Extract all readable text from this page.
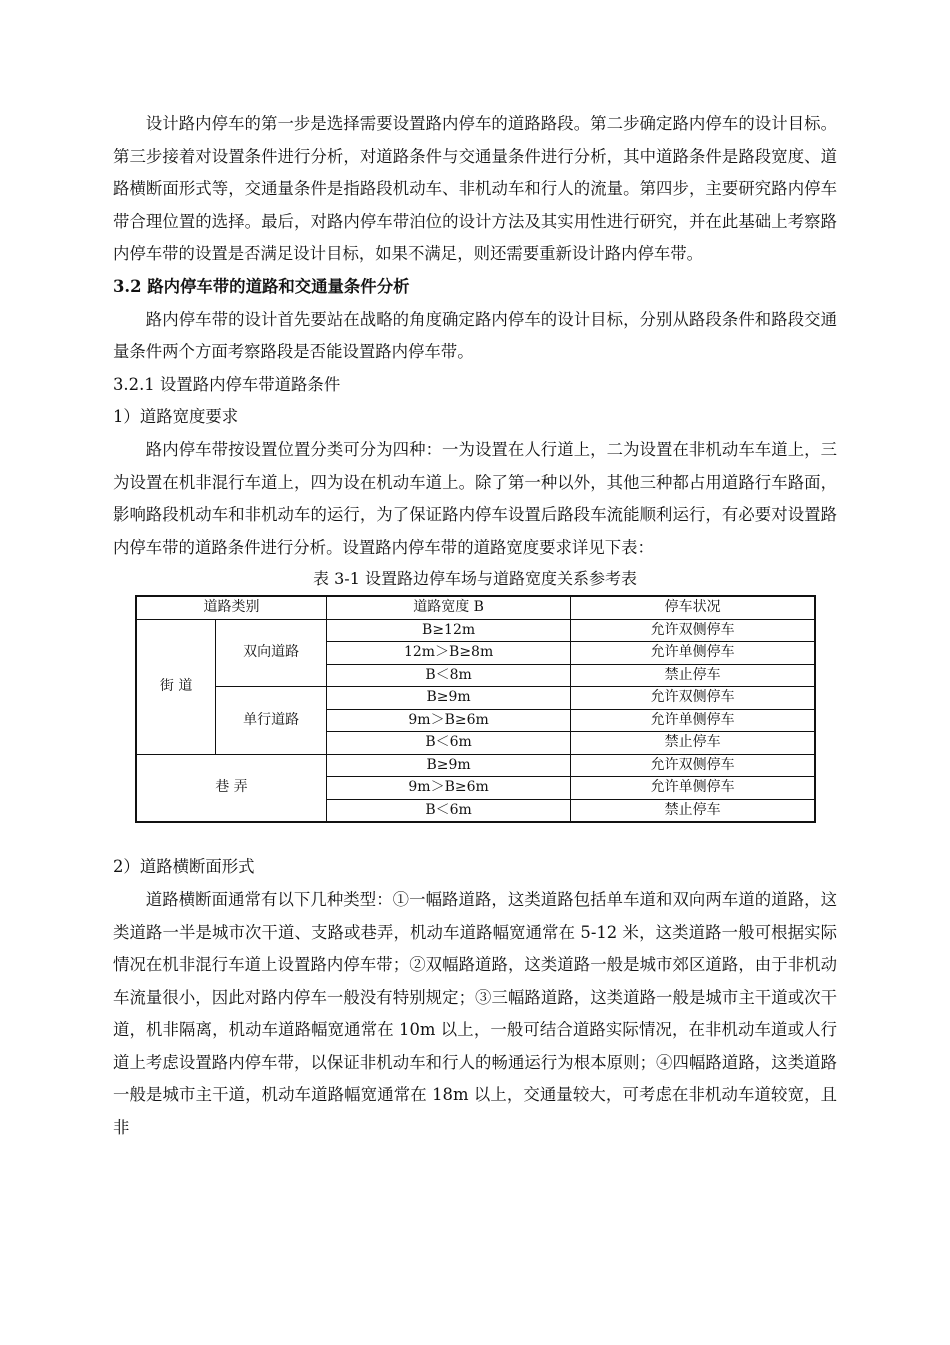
设计路内停车的第一步是选择需要设置路内停车的道路路段。第二步确定路内停车的设计目标。第三步接着对设置条件进行分析，对道路条件与交通量条件进行分析，其中道路条件是路段宽度、道路横断面形式等，交通量条件是指路段机动车、非机动车和行人的流量。第四步，主要研究路内停车带合理位置的选择。最后，对路内停车带泊位的设计方法及其实用性进行研究，并在此基础上考察路内停车带的设置是否满足设计目标，如果不满足，则还需要重新设计路内停车带。

3.2 路内停车带的道路和交通量条件分析

路内停车带的设计首先要站在战略的角度确定路内停车的设计目标，分别从路段条件和路段交通量条件两个方面考察路段是否能设置路内停车带。

3.2.1 设置路内停车带道路条件

1）道路宽度要求

路内停车带按设置位置分类可分为四种：一为设置在人行道上，二为设置在非机动车车道上，三为设置在机非混行车道上，四为设在机动车道上。除了第一种以外，其他三种都占用道路行车路面，影响路段机动车和非机动车的运行，为了保证路内停车设置后路段车流能顺利运行，有必要对设置路内停车带的道路条件进行分析。设置路内停车带的道路宽度要求详见下表：

表 3-1 设置路边停车场与道路宽度关系参考表

道路类别		道路宽度 B	停车状况
街 道	双向道路	B≥12m	允许双侧停车
		12m＞B≥8m	允许单侧停车
		B＜8m	禁止停车
	单行道路	B≥9m	允许双侧停车
		9m＞B≥6m	允许单侧停车
		B＜6m	禁止停车
巷 弄		B≥9m	允许双侧停车
		9m＞B≥6m	允许单侧停车
		B＜6m	禁止停车

2）道路横断面形式

道路横断面通常有以下几种类型：①一幅路道路，这类道路包括单车道和双向两车道的道路，这类道路一半是城市次干道、支路或巷弄，机动车道路幅宽通常在 5-12 米，这类道路一般可根据实际情况在机非混行车道上设置路内停车带；②双幅路道路，这类道路一般是城市郊区道路，由于非机动车流量很小，因此对路内停车一般没有特别规定；③三幅路道路，这类道路一般是城市主干道或次干道，机非隔离，机动车道路幅宽通常在 10m 以上，一般可结合道路实际情况，在非机动车道或人行道上考虑设置路内停车带，以保证非机动车和行人的畅通运行为根本原则；④四幅路道路，这类道路一般是城市主干道，机动车道路幅宽通常在 18m 以上，交通量较大，可考虑在非机动车道较宽，且非
